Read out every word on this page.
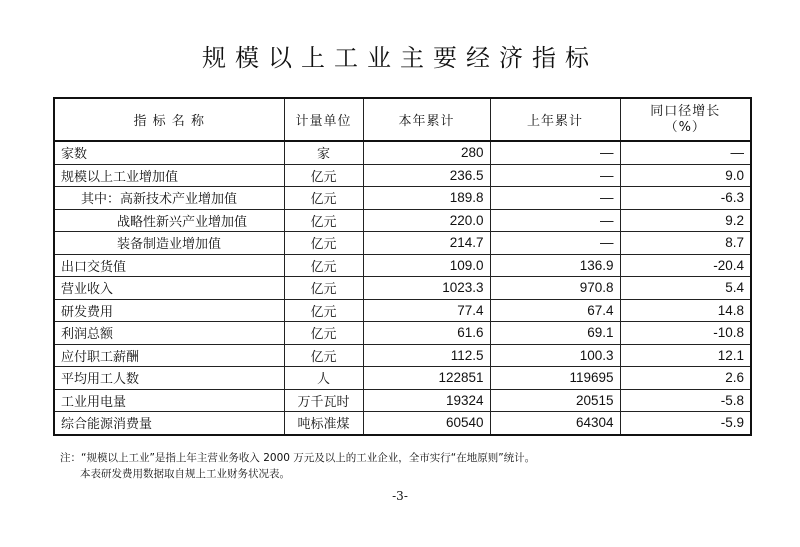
规模以上工业主要经济指标
指 标 名 称	计量单位	本年累计	上年累计	同口径增长
（%）

家数	家	280	—	—
规模以上工业增加值	亿元	236.5	—	9.0
其中：高新技术产业增加值	亿元	189.8	—	-6.3
战略性新兴产业增加值	亿元	220.0	—	9.2
装备制造业增加值	亿元	214.7	—	8.7
出口交货值	亿元	109.0	136.9	-20.4
营业收入	亿元	1023.3	970.8	5.4
研发费用	亿元	77.4	67.4	14.8
利润总额	亿元	61.6	69.1	-10.8
应付职工薪酬	亿元	112.5	100.3	12.1
平均用工人数	人	122851	119695	2.6
工业用电量	万千瓦时	19324	20515	-5.8
综合能源消费量	吨标准煤	60540	64304	-5.9
注：“规模以上工业”是指上年主营业务收入 2000 万元及以上的工业企业，全市实行“在地原则”统计。
本表研发费用数据取自规上工业财务状况表。
-3-
